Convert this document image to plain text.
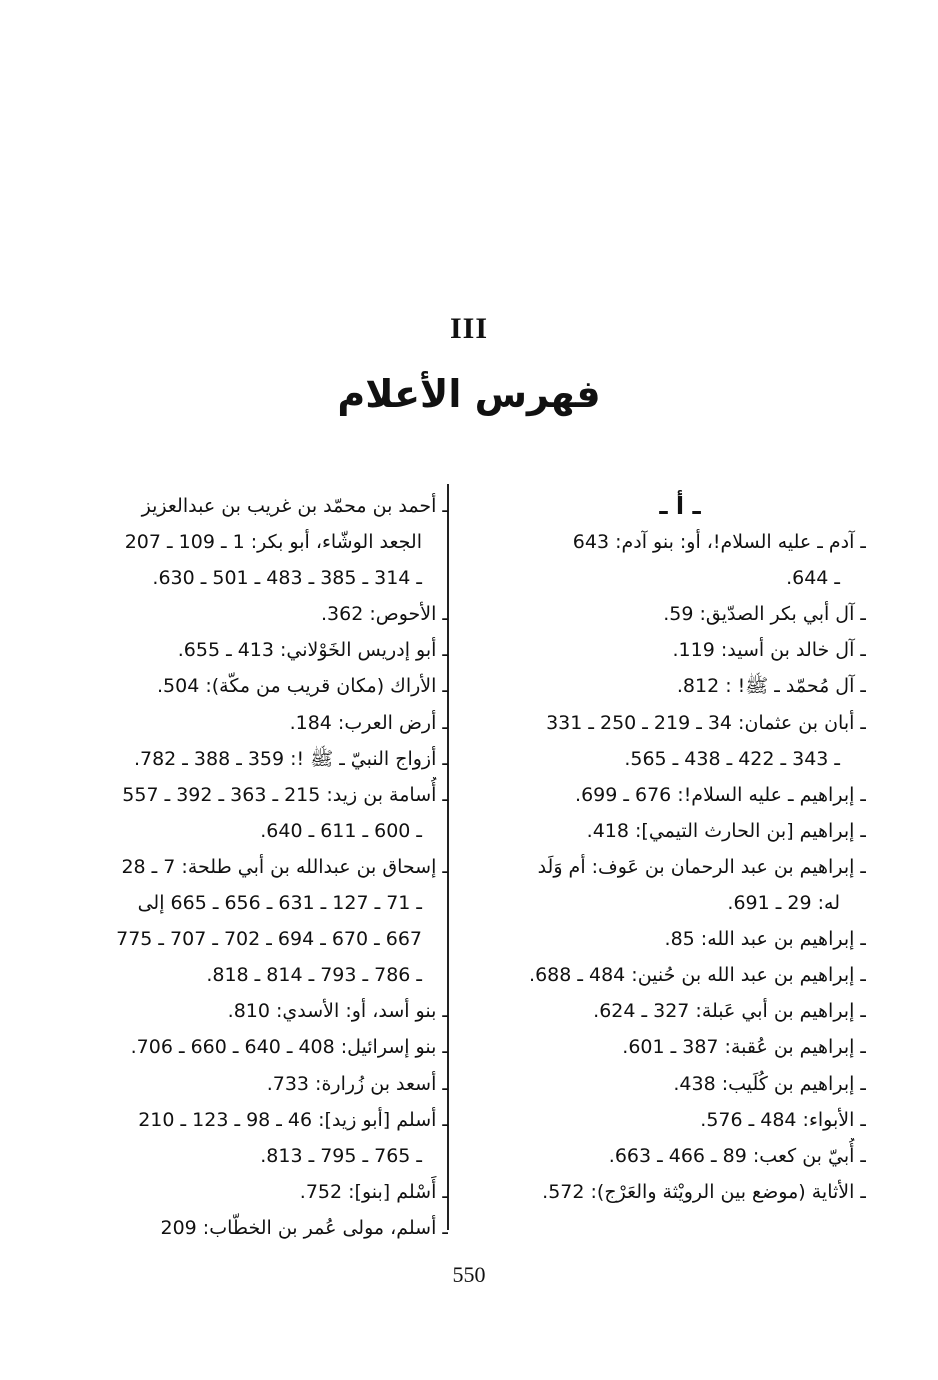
III
فهرس الأعلام
ـ أ ـ
ـ آدم ـ عليه السلام!، أو: بنو آدم: 643
ـ 644.
ـ آل أبي بكر الصدّيق: 59.
ـ آل خالد بن أسيد: 119.
ـ آل مُحمّد ـ ﷺ! : 812.
ـ أبان بن عثمان: 34 ـ 219 ـ 250 ـ 331
ـ 343 ـ 422 ـ 438 ـ 565.
ـ إبراهيم ـ عليه السلام!: 676 ـ 699.
ـ إبراهيم [بن الحارث التيمي]: 418.
ـ إبراهيم بن عبد الرحمان بن عَوف: أم وَلَد
له: 29 ـ 691.
ـ إبراهيم بن عبد الله: 85.
ـ إبراهيم بن عبد الله بن حُنين: 484 ـ 688.
ـ إبراهيم بن أبي عَبلة: 327 ـ 624.
ـ إبراهيم بن عُقبة: 387 ـ 601.
ـ إبراهيم بن كُلَيب: 438.
ـ الأبواء: 484 ـ 576.
ـ أُبيّ بن كعب: 89 ـ 466 ـ 663.
ـ الأثاية (موضع بين الرويْثة والعَرْج): 572.
ـ أحمد بن محمّد بن غريب بن عبدالعزيز
الجعد الوشّاء، أبو بكر: 1 ـ 109 ـ 207
ـ 314 ـ 385 ـ 483 ـ 501 ـ 630.
ـ الأحوص: 362.
ـ أبو إدريس الخَوْلاني: 413 ـ 655.
ـ الأراك (مكان قريب من مكّة): 504.
ـ أرض العرب: 184.
ـ أزواج النبيّ ـ ﷺ !: 359 ـ 388 ـ 782.
ـ أُسامة بن زيد: 215 ـ 363 ـ 392 ـ 557
ـ 600 ـ 611 ـ 640.
ـ إسحاق بن عبدالله بن أبي طلحة: 7 ـ 28
ـ 71 ـ 127 ـ 631 ـ 656 ـ 665 إلى
667 ـ 670 ـ 694 ـ 702 ـ 707 ـ 775
ـ 786 ـ 793 ـ 814 ـ 818.
ـ بنو أسد، أو: الأسدي: 810.
ـ بنو إسرائيل: 408 ـ 640 ـ 660 ـ 706.
ـ أسعد بن زُرارة: 733.
ـ أسلم [أبو زيد]: 46 ـ 98 ـ 123 ـ 210
ـ 765 ـ 795 ـ 813.
ـ أَسْلم [بنو]: 752.
ـ أسلم، مولى عُمر بن الخطّاب: 209
550
